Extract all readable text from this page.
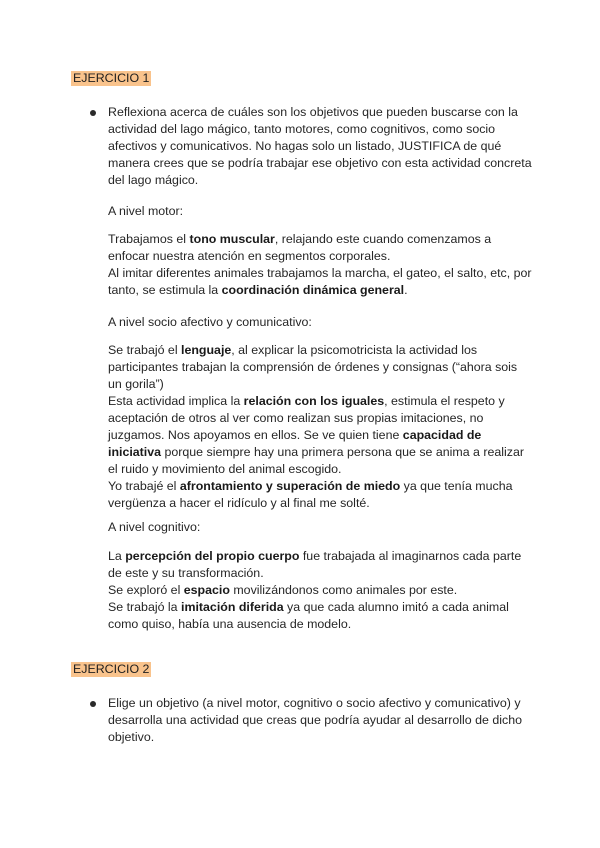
EJERCICIO 1

Reflexiona acerca de cuáles son los objetivos que pueden buscarse con la actividad del lago mágico, tanto motores, como cognitivos, como socio afectivos y comunicativos. No hagas solo un listado, JUSTIFICA de qué manera crees que se podría trabajar ese objetivo con esta actividad concreta del lago mágico.

A nivel motor:

Trabajamos el tono muscular, relajando este cuando comenzamos a enfocar nuestra atención en segmentos corporales.

Al imitar diferentes animales trabajamos la marcha, el gateo, el salto, etc, por tanto, se estimula la coordinación dinámica general.

A nivel socio afectivo y comunicativo:

Se trabajó el lenguaje, al explicar la psicomotricista la actividad los participantes trabajan la comprensión de órdenes y consignas (“ahora sois un gorila”)

Esta actividad implica la relación con los iguales, estimula el respeto y aceptación de otros al ver como realizan sus propias imitaciones, no juzgamos. Nos apoyamos en ellos. Se ve quien tiene capacidad de iniciativa porque siempre hay una primera persona que se anima a realizar el ruido y movimiento del animal escogido.

Yo trabajé el afrontamiento y superación de miedo ya que tenía mucha vergüenza a hacer el ridículo y al final me solté.

A nivel cognitivo:

La percepción del propio cuerpo fue trabajada al imaginarnos cada parte de este y su transformación.

Se exploró el espacio movilizándonos como animales por este.

Se trabajó la imitación diferida ya que cada alumno imitó a cada animal como quiso, había una ausencia de modelo.

EJERCICIO 2

Elige un objetivo (a nivel motor, cognitivo o socio afectivo y comunicativo) y desarrolla una actividad que creas que podría ayudar al desarrollo de dicho objetivo.
